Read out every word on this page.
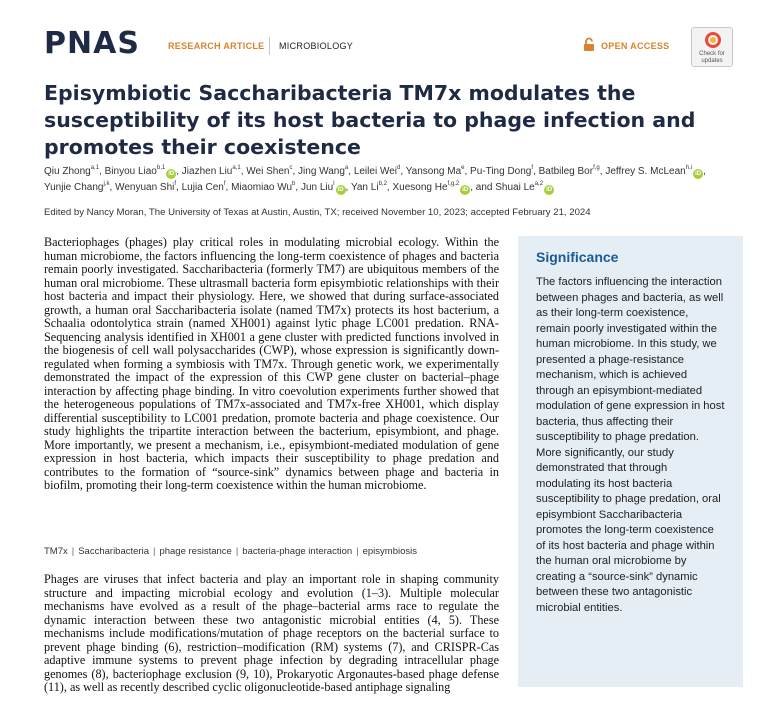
PNAS	RESEARCH ARTICLE MICROBIOLOGY	OPEN ACCESS
Check for updates
Episymbiotic Saccharibacteria TM7x modulates the susceptibility of its host bacteria to phage infection and promotes their coexistence
Qiu Zhong$^{a,1}$, Binyou Liao$^{b,1}$iD , Jiazhen Liu$^{a,1}$, Wei Shen$^c$, Jing Wang$^a$, Leilei Wei$^d$, Yansong Ma$^e$, Pu-Ting Dong$^f$, Batbileg Bor$^{f,g}$, Jeffrey S. McLean$^{h,i}$iD , Yunjie Chang$^{j,k}$, Wenyuan Shi$^f$, Lujia Cen$^f$, Miaomiao Wu$^b$, Jun Liu$^l$iD , Yan Li$^{b,2}$, Xuesong He$^{f,g,2}$iD , and Shuai Le$^{a,2}$iD
Edited by Nancy Moran, The University of Texas at Austin, Austin, TX; received November 10, 2023; accepted February 21, 2024
Bacteriophages (phages) play critical roles in modulating microbial ecology. Within the human microbiome, the factors influencing the long-term coexistence of phages and bacteria remain poorly investigated. Saccharibacteria (formerly TM7) are ubiquitous members of the human oral microbiome. These ultrasmall bacteria form episymbiotic relationships with their host bacteria and impact their physiology. Here, we showed that during surface-associated growth, a human oral Saccharibacteria isolate (named TM7x) protects its host bacterium, a Schaalia odontolytica strain (named XH001) against lytic phage LC001 predation. RNA-Sequencing analysis identified in XH001 a gene cluster with predicted functions involved in the biogenesis of cell wall polysaccharides (CWP), whose expression is significantly down-regulated when forming a symbiosis with TM7x. Through genetic work, we experimentally demonstrated the impact of the expression of this CWP gene cluster on bacterial–phage interaction by affecting phage binding. In vitro coevolution experiments further showed that the heterogeneous populations of TM7x-associated and TM7x-free XH001, which display differential susceptibility to LC001 predation, promote bacteria and phage coexistence. Our study highlights the tripartite interaction between the bacterium, episymbiont, and phage. More importantly, we present a mechanism, i.e., episymbiont-mediated modulation of gene expression in host bacteria, which impacts their susceptibility to phage predation and contributes to the formation of “source-sink” dynamics between phage and bacteria in biofilm, promoting their long-term coexistence within the human microbiome.
TM7x | Saccharibacteria | phage resistance | bacteria-phage interaction | episymbiosis
Phages are viruses that infect bacteria and play an important role in shaping community structure and impacting microbial ecology and evolution (1–3). Multiple molecular mechanisms have evolved as a result of the phage–bacterial arms race to regulate the dynamic interaction between these two antagonistic microbial entities (4, 5). These mechanisms include modifications/mutation of phage receptors on the bacterial surface to prevent phage binding (6), restriction–modification (RM) systems (7), and CRISPR-Cas adaptive immune systems to prevent phage infection by degrading intracellular phage genomes (8), bacteriophage exclusion (9, 10), Prokaryotic Argonautes-based phage defense (11), as well as recently described cyclic oligonucleotide-based antiphage signaling
Significance
The factors influencing the interaction between phages and bacteria, as well as their long-term coexistence, remain poorly investigated within the human microbiome. In this study, we presented a phage-resistance mechanism, which is achieved through an episymbiont-mediated modulation of gene expression in host bacteria, thus affecting their susceptibility to phage predation. More significantly, our study demonstrated that through modulating its host bacteria susceptibility to phage predation, oral episymbiont Saccharibacteria promotes the long-term coexistence of its host bacteria and phage within the human oral microbiome by creating a “source-sink” dynamic between these two antagonistic microbial entities.
